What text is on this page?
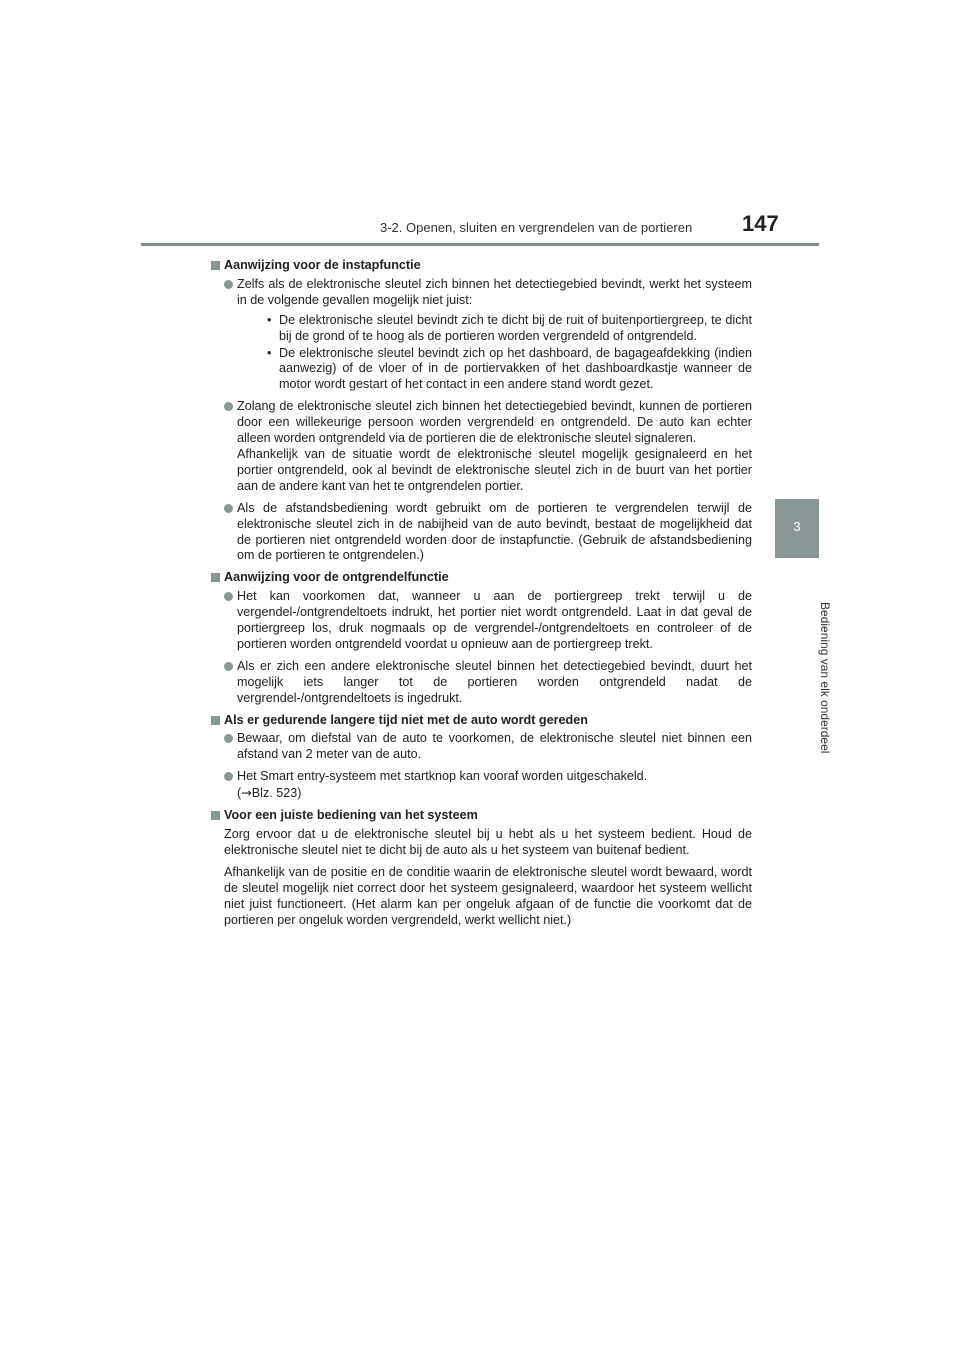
3-2. Openen, sluiten en vergrendelen van de portieren 147
3
Bediening van elk onderdeel
Aanwijzing voor de instapfunctie
Zelfs als de elektronische sleutel zich binnen het detectiegebied bevindt, werkt het systeem in de volgende gevallen mogelijk niet juist:
• De elektronische sleutel bevindt zich te dicht bij de ruit of buitenportiergreep, te dicht bij de grond of te hoog als de portieren worden vergrendeld of ontgrendeld.
• De elektronische sleutel bevindt zich op het dashboard, de bagageafdekking (indien aanwezig) of de vloer of in de portiervakken of het dashboardkastje wanneer de motor wordt gestart of het contact in een andere stand wordt gezet.
Zolang de elektronische sleutel zich binnen het detectiegebied bevindt, kunnen de portieren door een willekeurige persoon worden vergrendeld en ontgrendeld. De auto kan echter alleen worden ontgrendeld via de portieren die de elektronische sleutel signaleren.
Afhankelijk van de situatie wordt de elektronische sleutel mogelijk gesignaleerd en het portier ontgrendeld, ook al bevindt de elektronische sleutel zich in de buurt van het portier aan de andere kant van het te ontgrendelen portier.
Als de afstandsbediening wordt gebruikt om de portieren te vergrendelen terwijl de elektronische sleutel zich in de nabijheid van de auto bevindt, bestaat de mogelijkheid dat de portieren niet ontgrendeld worden door de instapfunctie. (Gebruik de afstandsbediening om de portieren te ontgrendelen.)
Aanwijzing voor de ontgrendelfunctie
Het kan voorkomen dat, wanneer u aan de portiergreep trekt terwijl u de vergendel-/ontgrendeltoets indrukt, het portier niet wordt ontgrendeld. Laat in dat geval de portiergreep los, druk nogmaals op de vergrendel-/ontgrendeltoets en controleer of de portieren worden ontgrendeld voordat u opnieuw aan de portiergreep trekt.
Als er zich een andere elektronische sleutel binnen het detectiegebied bevindt, duurt het mogelijk iets langer tot de portieren worden ontgrendeld nadat de vergrendel-/ontgrendeltoets is ingedrukt.
Als er gedurende langere tijd niet met de auto wordt gereden
Bewaar, om diefstal van de auto te voorkomen, de elektronische sleutel niet binnen een afstand van 2 meter van de auto.
Het Smart entry-systeem met startknop kan vooraf worden uitgeschakeld.
(→Blz. 523)
Voor een juiste bediening van het systeem
Zorg ervoor dat u de elektronische sleutel bij u hebt als u het systeem bedient. Houd de elektronische sleutel niet te dicht bij de auto als u het systeem van buitenaf bedient.
Afhankelijk van de positie en de conditie waarin de elektronische sleutel wordt bewaard, wordt de sleutel mogelijk niet correct door het systeem gesignaleerd, waardoor het systeem wellicht niet juist functioneert. (Het alarm kan per ongeluk afgaan of de functie die voorkomt dat de portieren per ongeluk worden vergrendeld, werkt wellicht niet.)
